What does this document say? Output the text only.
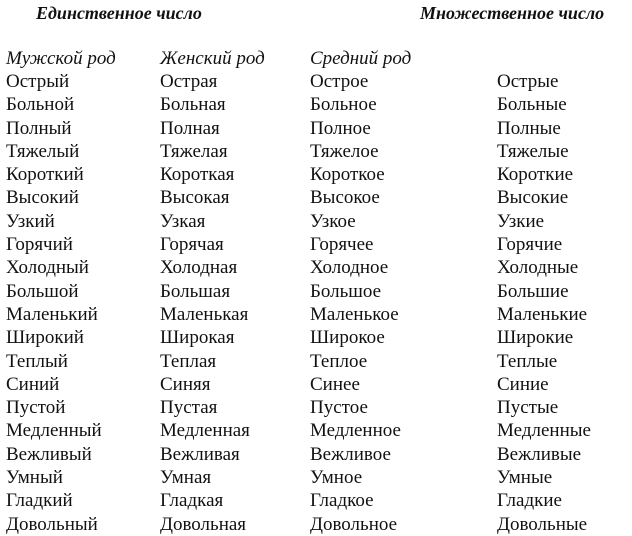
Единственное число	Множественное число
Мужской род
Острый
Больной
Полный
Тяжелый
Короткий
Высокий
Узкий
Горячий
Холодный
Большой
Маленький
Широкий
Теплый
Синий
Пустой
Медленный
Вежливый
Умный
Гладкий
Довольный
Женский род
Острая
Больная
Полная
Тяжелая
Короткая
Высокая
Узкая
Горячая
Холодная
Большая
Маленькая
Широкая
Теплая
Синяя
Пустая
Медленная
Вежливая
Умная
Гладкая
Довольная
Средний род
Острое
Больное
Полное
Тяжелое
Короткое
Высокое
Узкое
Горячее
Холодное
Большое
Маленькое
Широкое
Теплое
Синее
Пустое
Медленное
Вежливое
Умное
Гладкое
Довольное
Острые
Больные
Полные
Тяжелые
Короткие
Высокие
Узкие
Горячие
Холодные
Большие
Маленькие
Широкие
Теплые
Синие
Пустые
Медленные
Вежливые
Умные
Гладкие
Довольные
